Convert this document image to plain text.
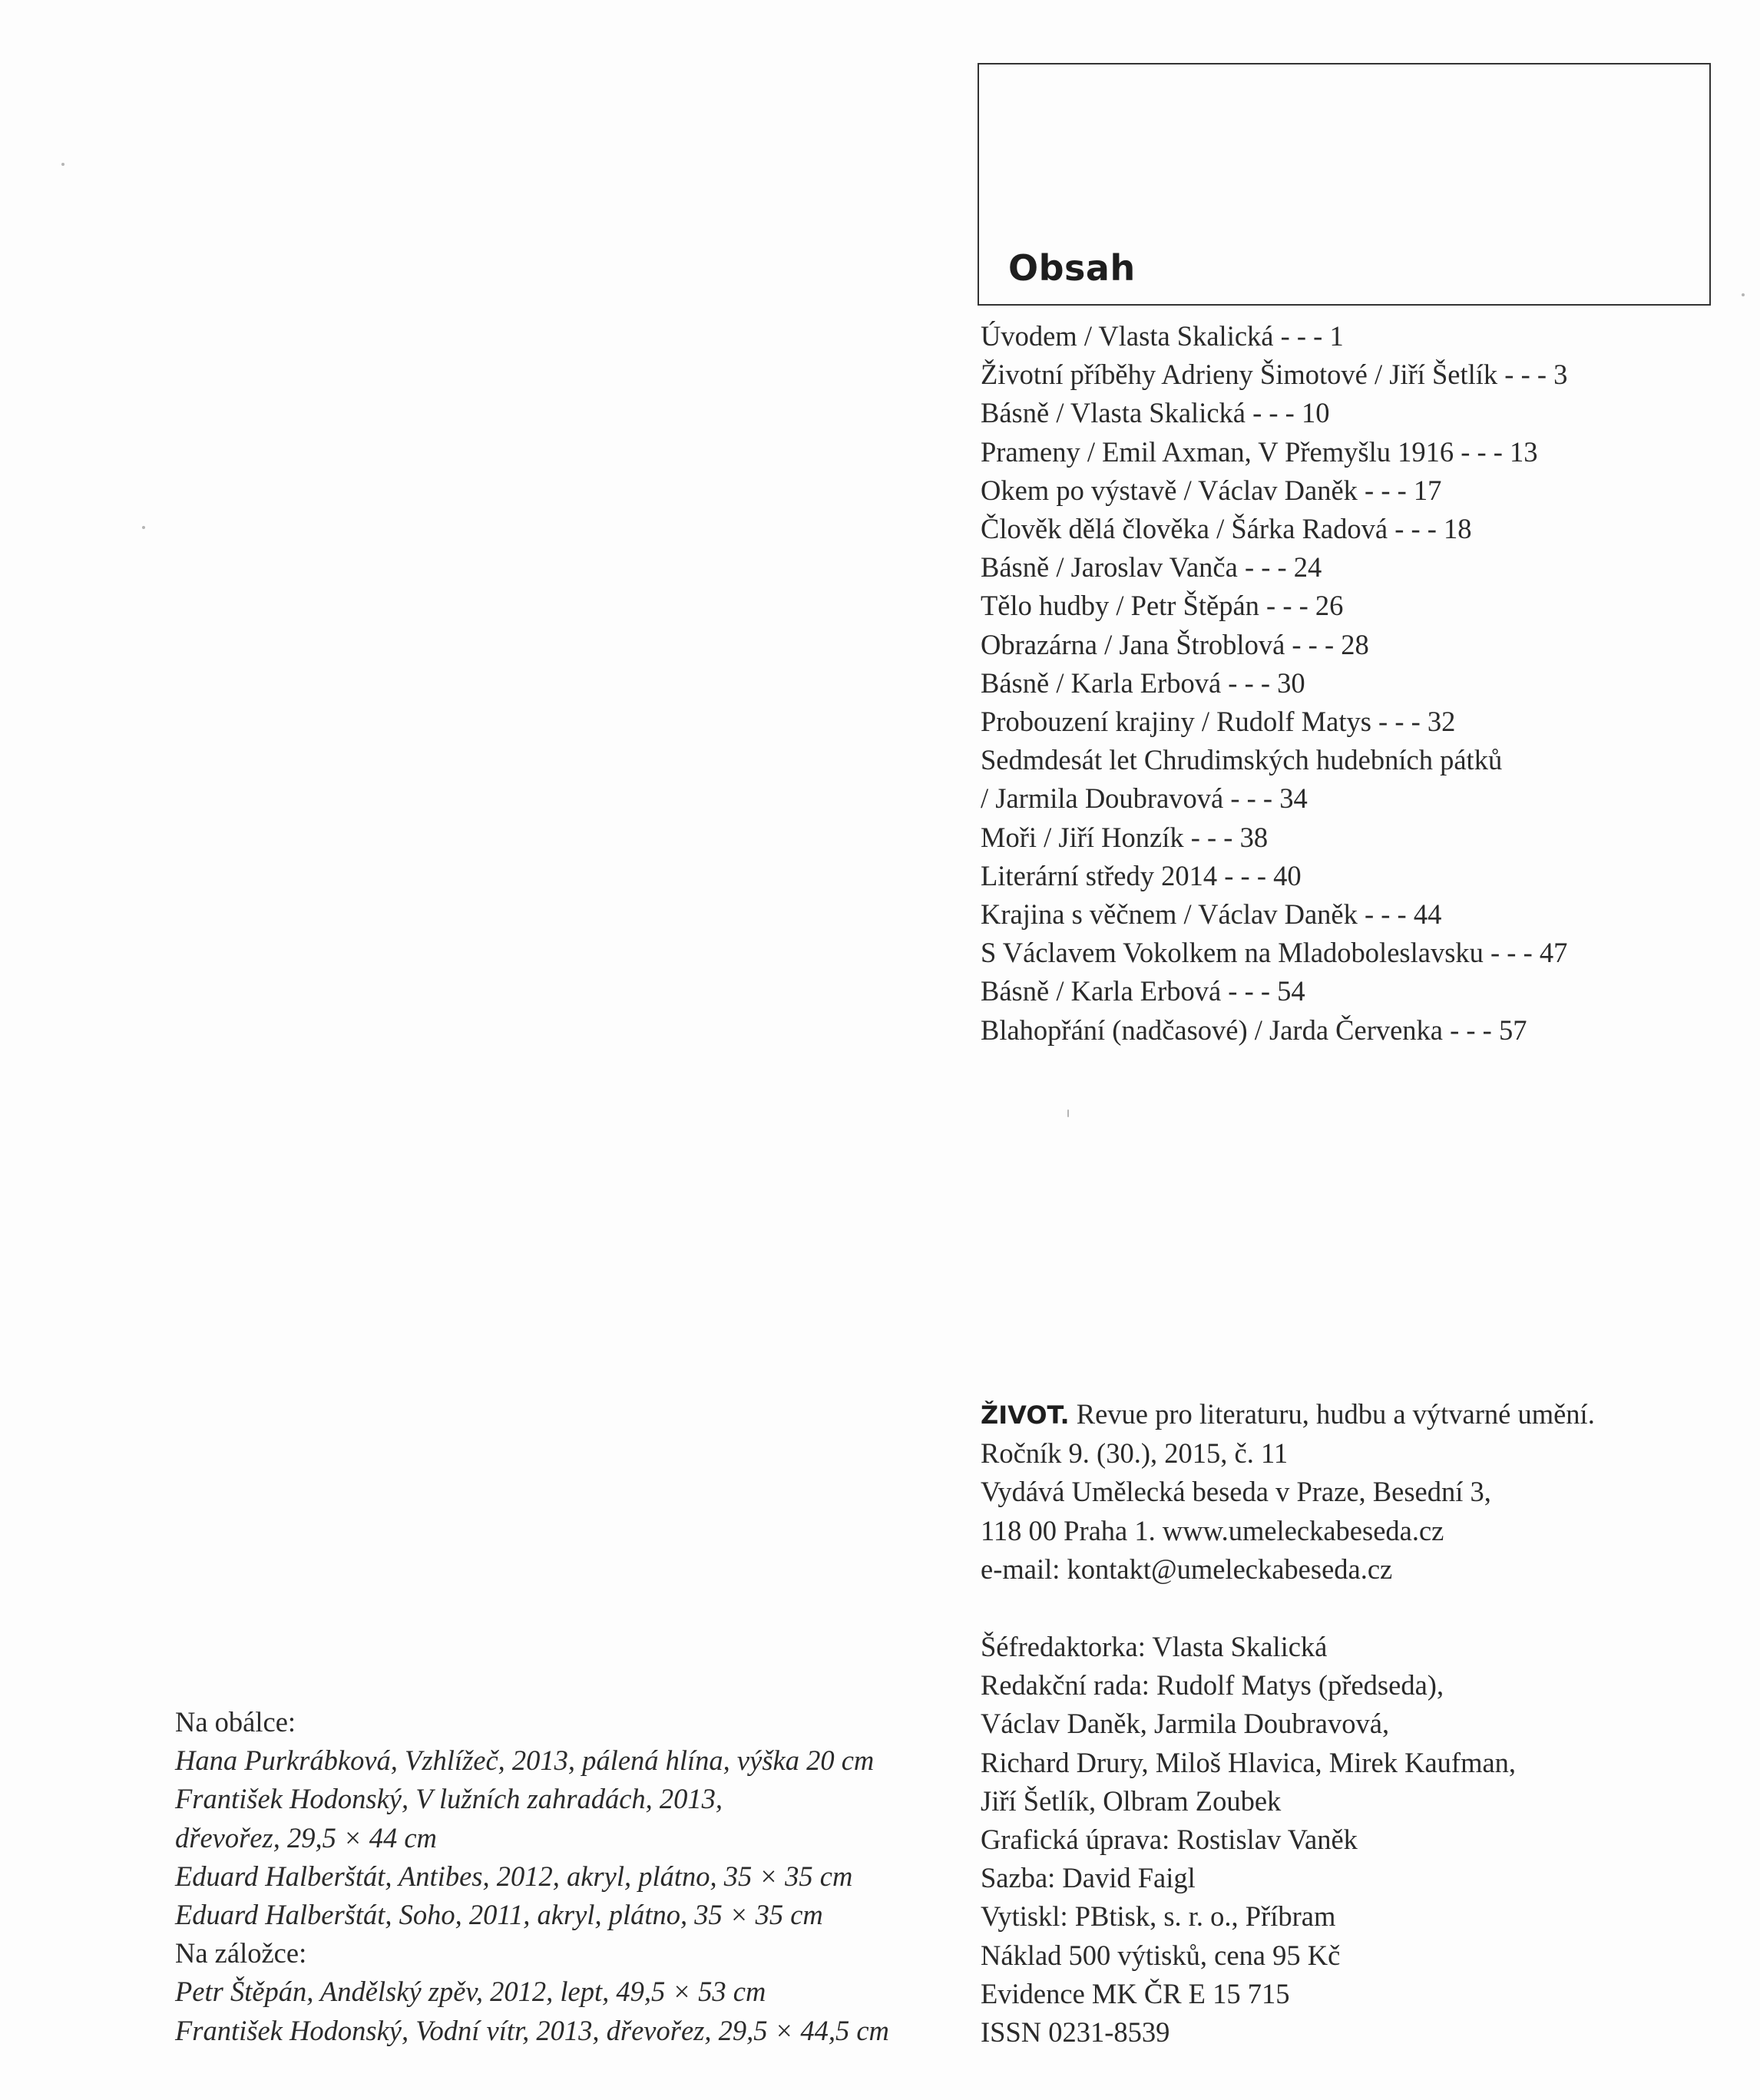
Obsah
Úvodem / Vlasta Skalická - - - 1
Životní příběhy Adrieny Šimotové / Jiří Šetlík - - - 3
Básně / Vlasta Skalická - - - 10
Prameny / Emil Axman, V Přemyšlu 1916 - - - 13
Okem po výstavě / Václav Daněk - - - 17
Člověk dělá člověka / Šárka Radová - - - 18
Básně / Jaroslav Vanča - - - 24
Tělo hudby / Petr Štěpán - - - 26
Obrazárna / Jana Štroblová - - - 28
Básně / Karla Erbová - - - 30
Probouzení krajiny / Rudolf Matys - - - 32
Sedmdesát let Chrudimských hudebních pátků
/ Jarmila Doubravová - - - 34
Moři / Jiří Honzík - - - 38
Literární středy 2014 - - - 40
Krajina s věčnem / Václav Daněk - - - 44
S Václavem Vokolkem na Mladoboleslavsku - - - 47
Básně / Karla Erbová - - - 54
Blahopřání (nadčasové) / Jarda Červenka - - - 57
ŽIVOT. Revue pro literaturu, hudbu a výtvarné umění.
Ročník 9. (30.), 2015, č. 11
Vydává Umělecká beseda v Praze, Besední 3,
118 00 Praha 1. www.umeleckabeseda.cz
e-mail: kontakt@umeleckabeseda.cz
Šéfredaktorka: Vlasta Skalická
Redakční rada: Rudolf Matys (předseda),
Václav Daněk, Jarmila Doubravová,
Richard Drury, Miloš Hlavica, Mirek Kaufman,
Jiří Šetlík, Olbram Zoubek
Grafická úprava: Rostislav Vaněk
Sazba: David Faigl
Vytiskl: PBtisk, s. r. o., Příbram
Náklad 500 výtisků, cena 95 Kč
Evidence MK ČR E 15 715
ISSN 0231-8539
Na obálce:
Hana Purkrábková, Vzhlížeč, 2013, pálená hlína, výška 20 cm
František Hodonský, V lužních zahradách, 2013,
dřevořez, 29,5 × 44 cm
Eduard Halberštát, Antibes, 2012, akryl, plátno, 35 × 35 cm
Eduard Halberštát, Soho, 2011, akryl, plátno, 35 × 35 cm
Na záložce:
Petr Štěpán, Andělský zpěv, 2012, lept, 49,5 × 53 cm
František Hodonský, Vodní vítr, 2013, dřevořez, 29,5 × 44,5 cm
